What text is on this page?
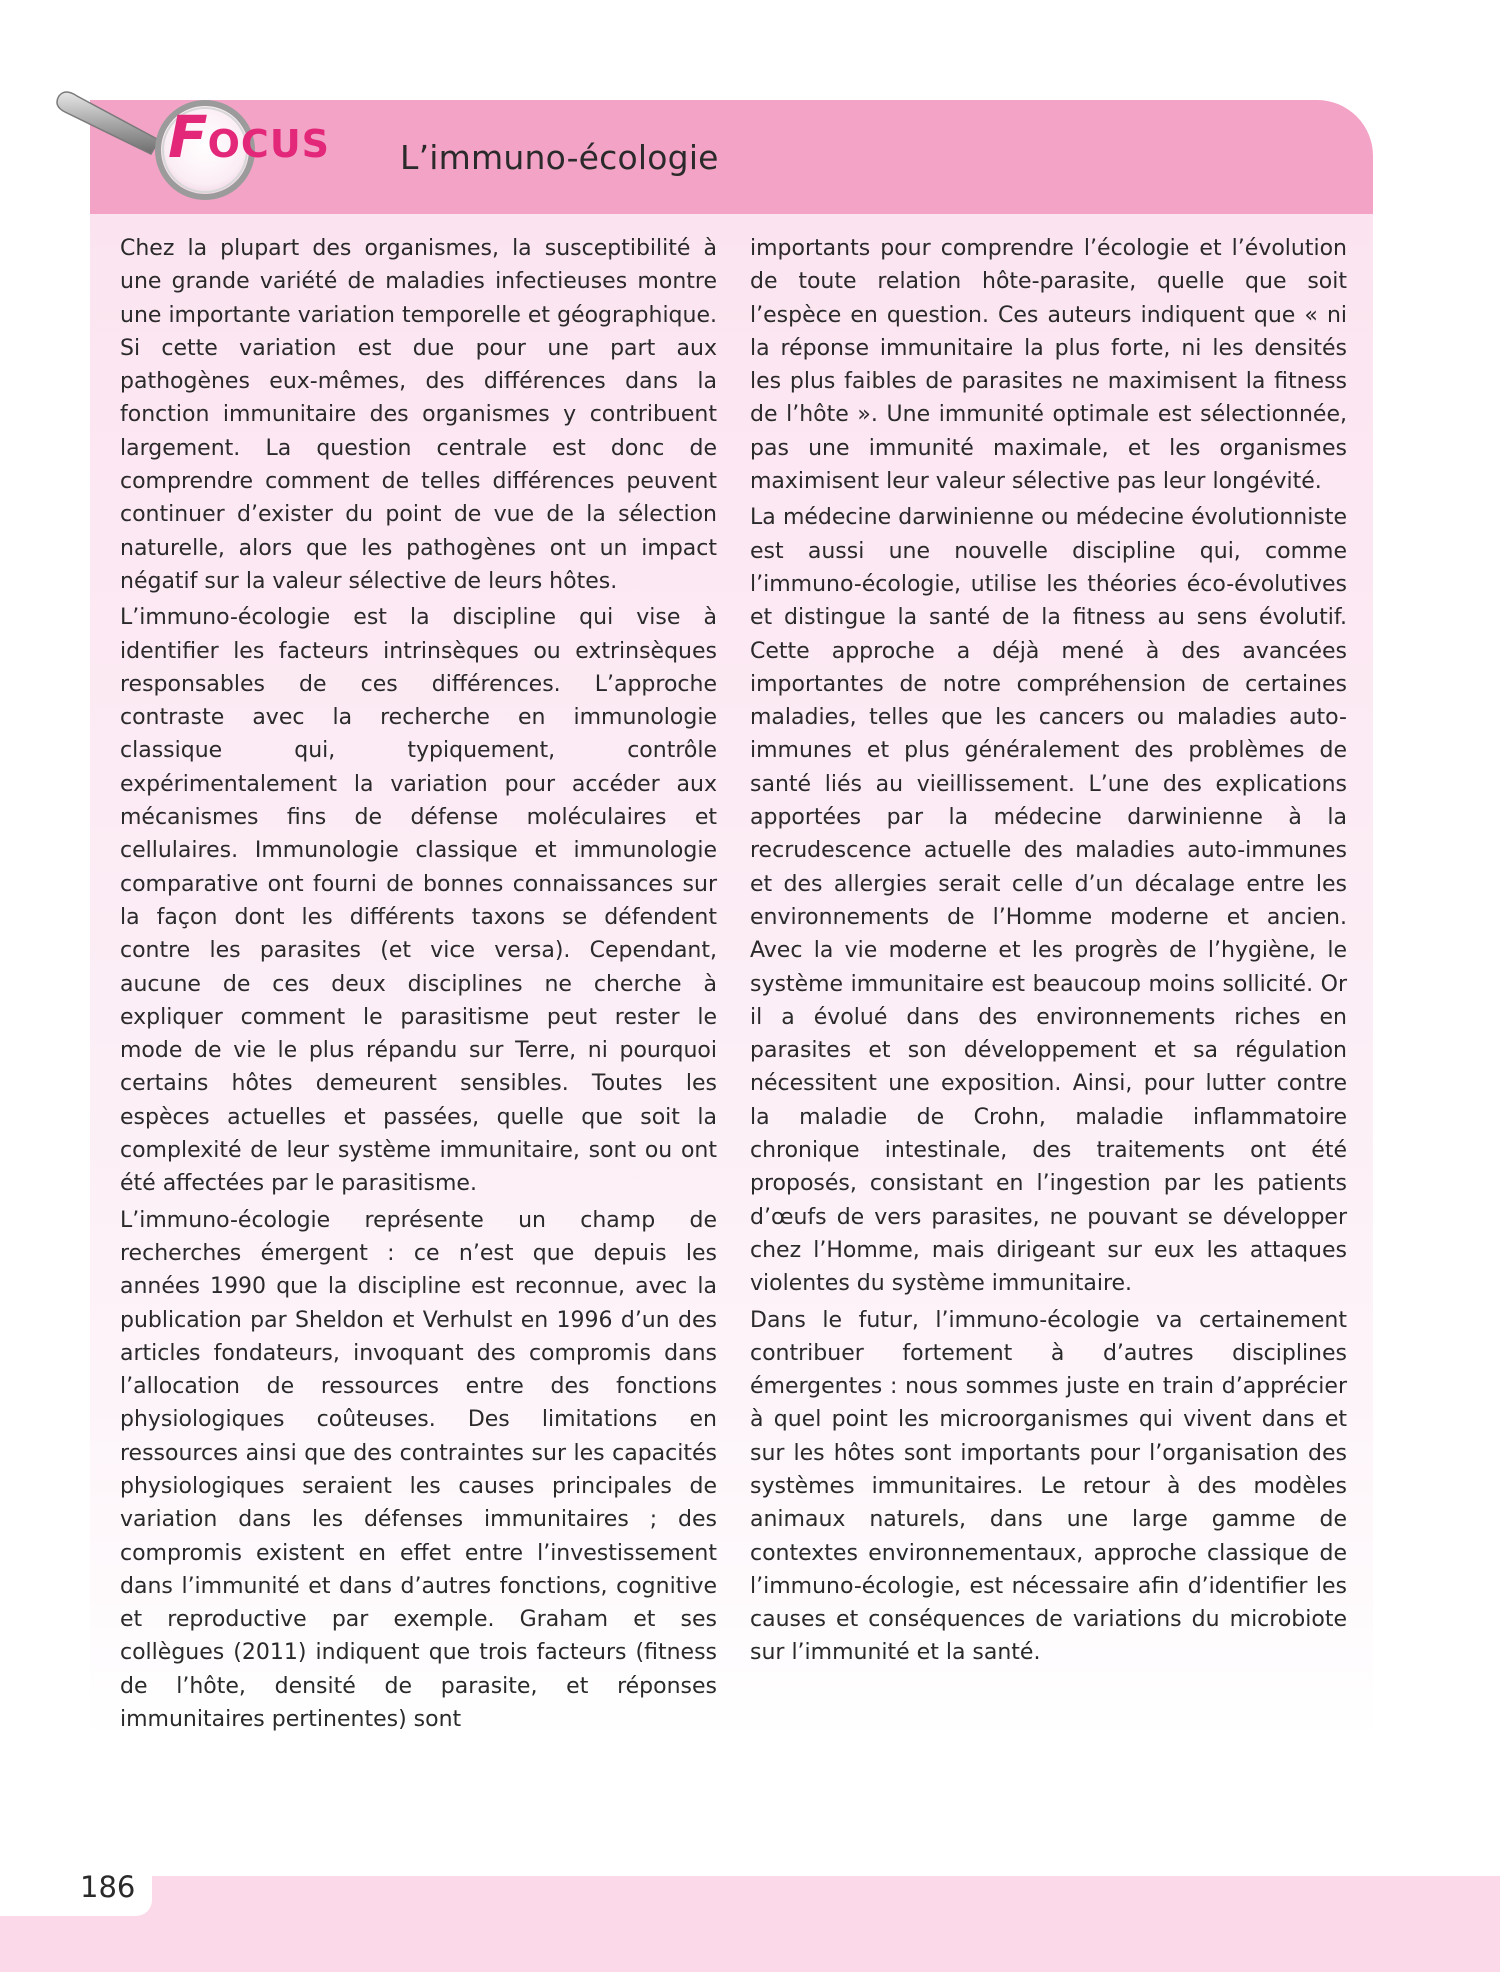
L’immuno-écologie
FOCUS

Chez la plupart des organismes, la susceptibilité à une grande variété de maladies infectieuses montre une importante variation temporelle et géographique. Si cette variation est due pour une part aux pathogènes eux-mêmes, des différences dans la fonction immunitaire des organismes y contribuent largement. La question centrale est donc de comprendre comment de telles différences peuvent continuer d’exister du point de vue de la sélection naturelle, alors que les pathogènes ont un impact négatif sur la valeur sélective de leurs hôtes.

L’immuno-écologie est la discipline qui vise à identifier les facteurs intrinsèques ou extrinsèques responsables de ces différences. L’approche contraste avec la recherche en immunologie classique qui, typiquement, contrôle expérimentalement la variation pour accéder aux mécanismes fins de défense moléculaires et cellulaires. Immunologie classique et immunologie comparative ont fourni de bonnes connaissances sur la façon dont les différents taxons se défendent contre les parasites (et vice versa). Cependant, aucune de ces deux disciplines ne cherche à expliquer comment le parasitisme peut rester le mode de vie le plus répandu sur Terre, ni pourquoi certains hôtes demeurent sensibles. Toutes les espèces actuelles et passées, quelle que soit la complexité de leur système immunitaire, sont ou ont été affectées par le parasitisme.

L’immuno-écologie représente un champ de recherches émergent : ce n’est que depuis les années 1990 que la discipline est reconnue, avec la publication par Sheldon et Verhulst en 1996 d’un des articles fondateurs, invoquant des compromis dans l’allocation de ressources entre des fonctions physiologiques coûteuses. Des limitations en ressources ainsi que des contraintes sur les capacités physiologiques seraient les causes principales de variation dans les défenses immunitaires ; des compromis existent en effet entre l’investissement dans l’immunité et dans d’autres fonctions, cognitive et reproductive par exemple. Graham et ses collègues (2011) indiquent que trois facteurs (fitness de l’hôte, densité de parasite, et réponses immunitaires pertinentes) sont

importants pour comprendre l’écologie et l’évolution de toute relation hôte-parasite, quelle que soit l’espèce en question. Ces auteurs indiquent que « ni la réponse immunitaire la plus forte, ni les densités les plus faibles de parasites ne maximisent la fitness de l’hôte ». Une immunité optimale est sélectionnée, pas une immunité maximale, et les organismes maximisent leur valeur sélective pas leur longévité.

La médecine darwinienne ou médecine évolutionniste est aussi une nouvelle discipline qui, comme l’immuno-écologie, utilise les théories éco-évolutives et distingue la santé de la fitness au sens évolutif. Cette approche a déjà mené à des avancées importantes de notre compréhension de certaines maladies, telles que les cancers ou maladies auto-immunes et plus généralement des problèmes de santé liés au vieillissement. L’une des explications apportées par la médecine darwinienne à la recrudescence actuelle des maladies auto-immunes et des allergies serait celle d’un décalage entre les environnements de l’Homme moderne et ancien. Avec la vie moderne et les progrès de l’hygiène, le système immunitaire est beaucoup moins sollicité. Or il a évolué dans des environnements riches en parasites et son développement et sa régulation nécessitent une exposition. Ainsi, pour lutter contre la maladie de Crohn, maladie inflammatoire chronique intestinale, des traitements ont été proposés, consistant en l’ingestion par les patients d’œufs de vers parasites, ne pouvant se développer chez l’Homme, mais dirigeant sur eux les attaques violentes du système immunitaire.

Dans le futur, l’immuno-écologie va certainement contribuer fortement à d’autres disciplines émergentes : nous sommes juste en train d’apprécier à quel point les microorganismes qui vivent dans et sur les hôtes sont importants pour l’organisation des systèmes immunitaires. Le retour à des modèles animaux naturels, dans une large gamme de contextes environnementaux, approche classique de l’immuno-écologie, est nécessaire afin d’identifier les causes et conséquences de variations du microbiote sur l’immunité et la santé.

186
